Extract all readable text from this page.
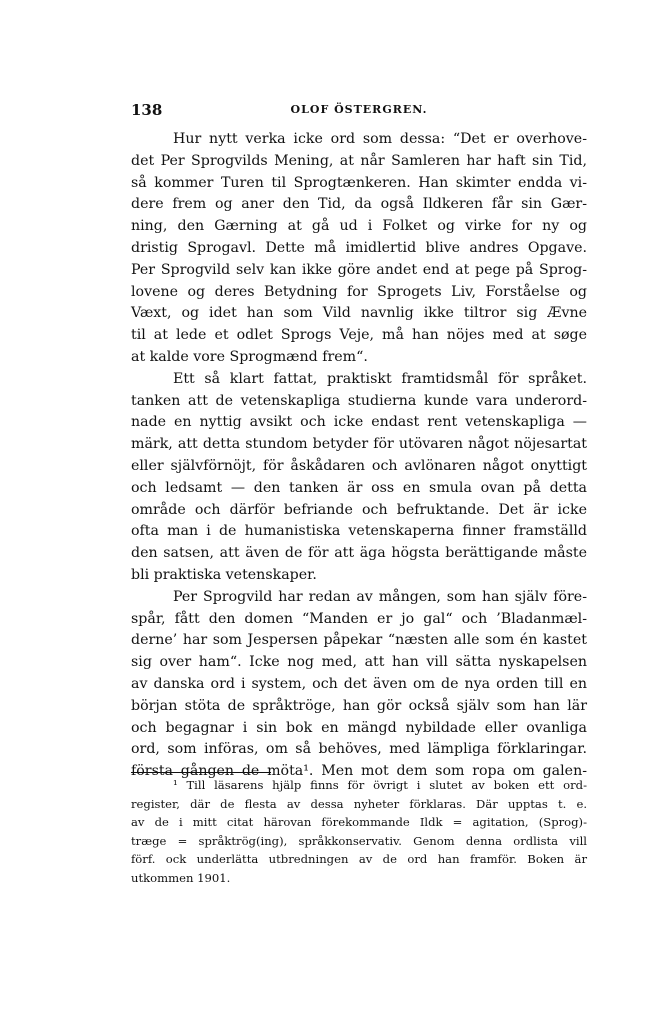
138	OLOF ÖSTERGREN.
Hur nytt verka icke ord som dessa: “Det er overhove-
det Per Sprogvilds Mening, at når Samleren har haft sin Tid,
så kommer Turen til Sprogtænkeren. Han skimter endda vi-
dere frem og aner den Tid, da også Ildkeren får sin Gær-
ning, den Gærning at gå ud i Folket og virke for ny og
dristig Sprogavl. Dette må imidlertid blive andres Opgave.
Per Sprogvild selv kan ikke göre andet end at pege på Sprog-
lovene og deres Betydning for Sprogets Liv, Forståelse og
Væxt, og idet han som Vild navnlig ikke tiltror sig Ævne
til at lede et odlet Sprogs Veje, må han nöjes med at søge
at kalde vore Sprogmænd frem“.
Ett så klart fattat, praktiskt framtidsmål för språket.
tanken att de vetenskapliga studierna kunde vara underord-
nade en nyttig avsikt och icke endast rent vetenskapliga —
märk, att detta stundom betyder för utövaren något nöjesartat
eller självförnöjt, för åskådaren och avlönaren något onyttigt
och ledsamt — den tanken är oss en smula ovan på detta
område och därför befriande och befruktande. Det är icke
ofta man i de humanistiska vetenskaperna finner framställd
den satsen, att även de för att äga högsta berättigande måste
bli praktiska vetenskaper.
Per Sprogvild har redan av mången, som han själv före-
spår, fått den domen “Manden er jo gal“ och ’Bladanmæl-
derne’ har som Jespersen påpekar “næsten alle som én kastet
sig over ham“. Icke nog med, att han vill sätta nyskapelsen
av danska ord i system, och det även om de nya orden till en
början stöta de språktröge, han gör också själv som han lär
och begagnar i sin bok en mängd nybildade eller ovanliga
ord, som införas, om så behöves, med lämpliga förklaringar.
första gången de möta¹. Men mot dem som ropa om galen-
¹ Till läsarens hjälp finns för övrigt i slutet av boken ett ord-
register, där de flesta av dessa nyheter förklaras. Där upptas t. e.
av de i mitt citat härovan förekommande Ildk = agitation, (Sprog)-
træge = språktrög(ing), språkkonservativ. Genom denna ordlista vill
förf. ock underlätta utbredningen av de ord han framför. Boken är
utkommen 1901.
